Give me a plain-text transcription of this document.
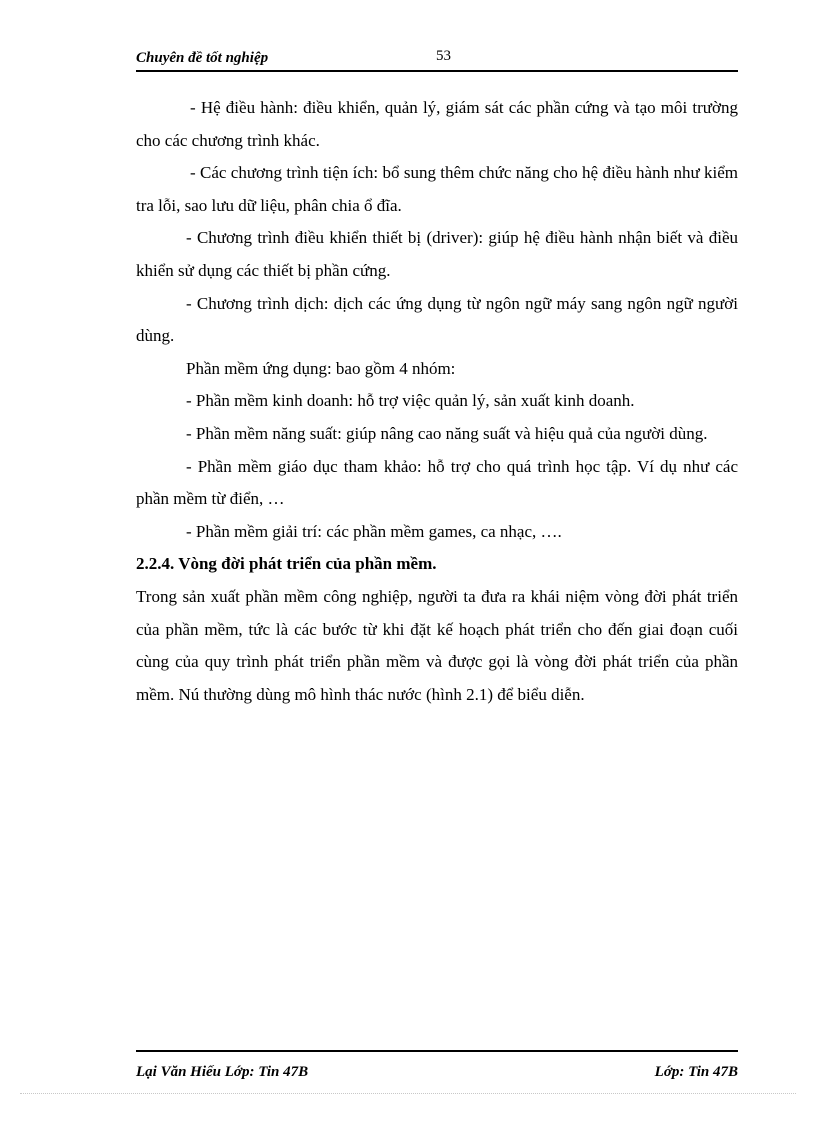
Chuyên đề tốt nghiệp	53

- Hệ điều hành: điều khiển, quản lý, giám sát các phần cứng và tạo môi trường cho các chương trình khác.

- Các chương trình tiện ích: bổ sung thêm chức năng cho hệ điều hành như kiểm tra lỗi, sao lưu dữ liệu, phân chia ổ đĩa.

- Chương trình điều khiển thiết bị (driver): giúp hệ điều hành nhận biết và điều khiển sử dụng các thiết bị phần cứng.

- Chương trình dịch: dịch các ứng dụng từ ngôn ngữ máy sang ngôn ngữ người dùng.

Phần mềm ứng dụng: bao gồm 4 nhóm:

- Phần mềm kinh doanh: hỗ trợ việc quản lý, sản xuất kinh doanh.

- Phần mềm năng suất: giúp nâng cao năng suất và hiệu quả của người dùng.

- Phần mềm giáo dục tham khảo: hỗ trợ cho quá trình học tập. Ví dụ như các phần mềm từ điển, …

- Phần mềm giải trí: các phần mềm games, ca nhạc, ….

2.2.4. Vòng đời phát triển của phần mềm.

Trong sản xuất phần mềm công nghiệp, người ta đưa ra khái niệm vòng đời phát triển của phần mềm, tức là các bước từ khi đặt kế hoạch phát triển cho đến giai đoạn cuối cùng của quy trình phát triển phần mềm và được gọi là vòng đời phát triển của phần mềm. Nú thường dùng mô hình thác nước (hình 2.1) để biểu diễn.

Lại Văn Hiếu Lớp: Tin 47B	Lớp: Tin 47B
